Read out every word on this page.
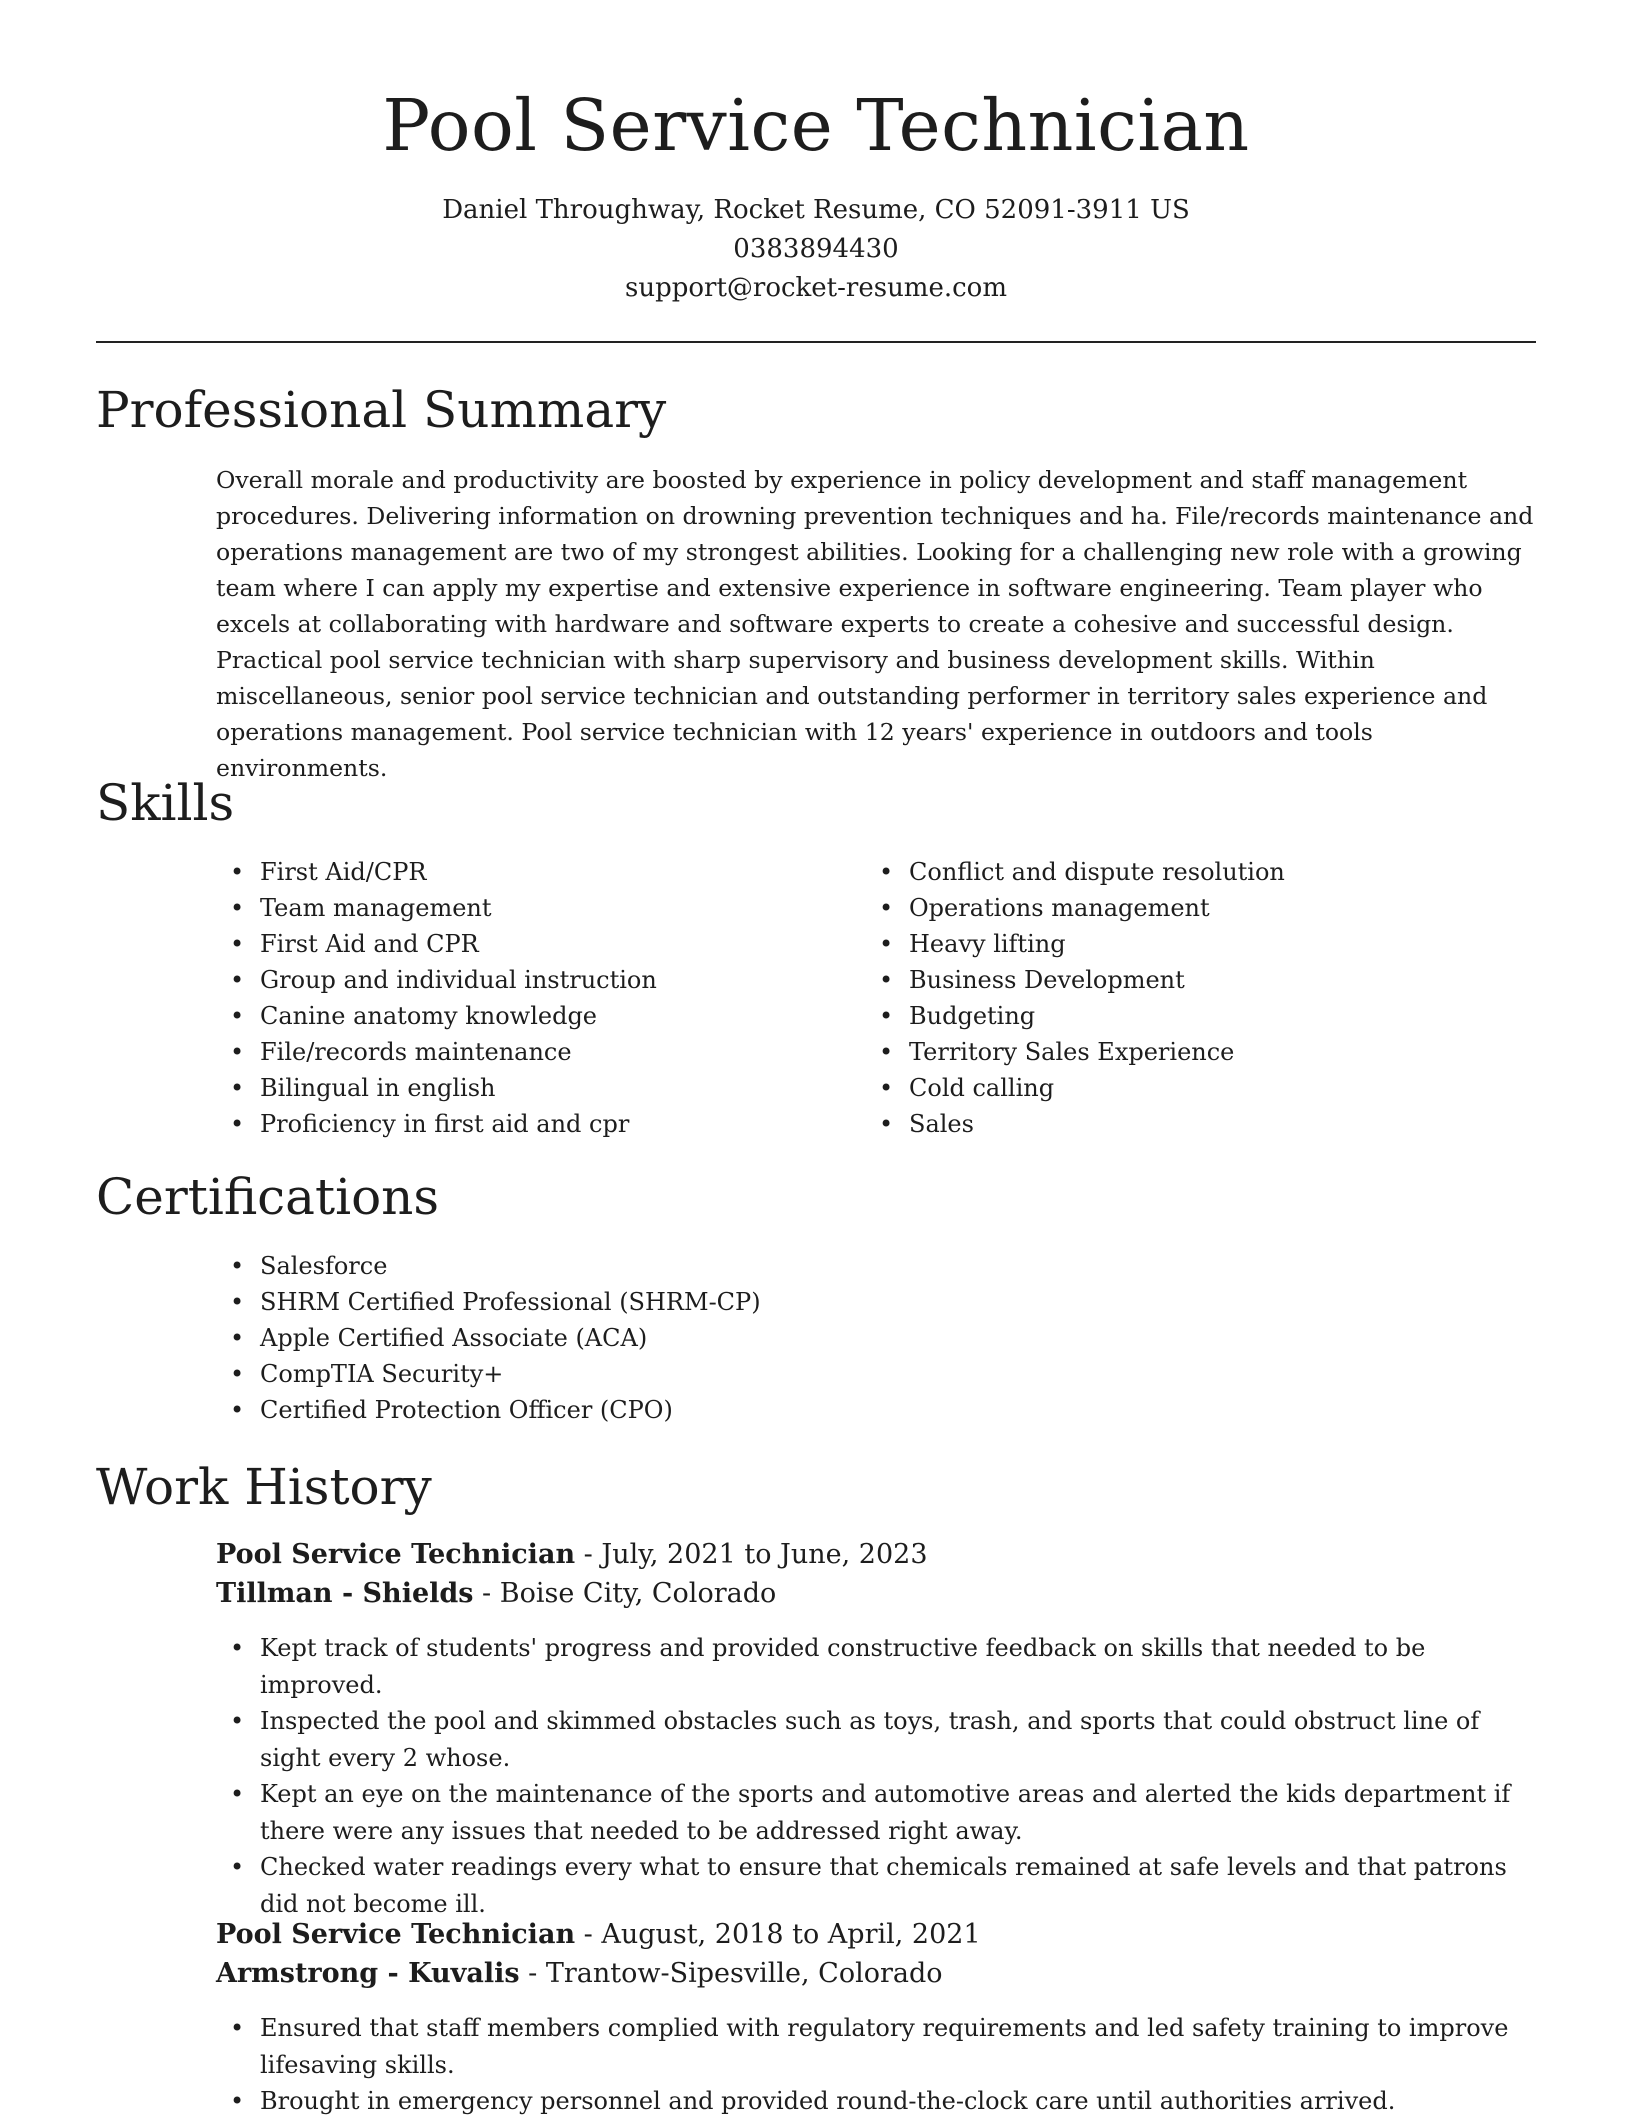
Pool Service Technician
Daniel Throughway, Rocket Resume, CO 52091-3911 US
0383894430
support@rocket-resume.com
Professional Summary

Overall morale and productivity are boosted by experience in policy development and staff management procedures. Delivering information on drowning prevention techniques and ha. File/records maintenance and operations management are two of my strongest abilities. Looking for a challenging new role with a growing team where I can apply my expertise and extensive experience in software engineering. Team player who excels at collaborating with hardware and software experts to create a cohesive and successful design. Practical pool service technician with sharp supervisory and business development skills. Within miscellaneous, senior pool service technician and outstanding performer in territory sales experience and operations management. Pool service technician with 12 years' experience in outdoors and tools environments.

Skills
• First Aid/CPR
• Team management
• First Aid and CPR
• Group and individual instruction
• Canine anatomy knowledge
• File/records maintenance
• Bilingual in english
• Proficiency in first aid and cpr
• Conflict and dispute resolution
• Operations management
• Heavy lifting
• Business Development
• Budgeting
• Territory Sales Experience
• Cold calling
• Sales
Certifications
• Salesforce
• SHRM Certified Professional (SHRM-CP)
• Apple Certified Associate (ACA)
• CompTIA Security+
• Certified Protection Officer (CPO)
Work History
Pool Service Technician - July, 2021 to June, 2023
Tillman - Shields - Boise City, Colorado
• Kept track of students' progress and provided constructive feedback on skills that needed to be improved.
• Inspected the pool and skimmed obstacles such as toys, trash, and sports that could obstruct line of sight every 2 whose.
• Kept an eye on the maintenance of the sports and automotive areas and alerted the kids department if there were any issues that needed to be addressed right away.
• Checked water readings every what to ensure that chemicals remained at safe levels and that patrons did not become ill.
Pool Service Technician - August, 2018 to April, 2021
Armstrong - Kuvalis - Trantow-Sipesville, Colorado
• Ensured that staff members complied with regulatory requirements and led safety training to improve lifesaving skills.
• Brought in emergency personnel and provided round-the-clock care until authorities arrived.
